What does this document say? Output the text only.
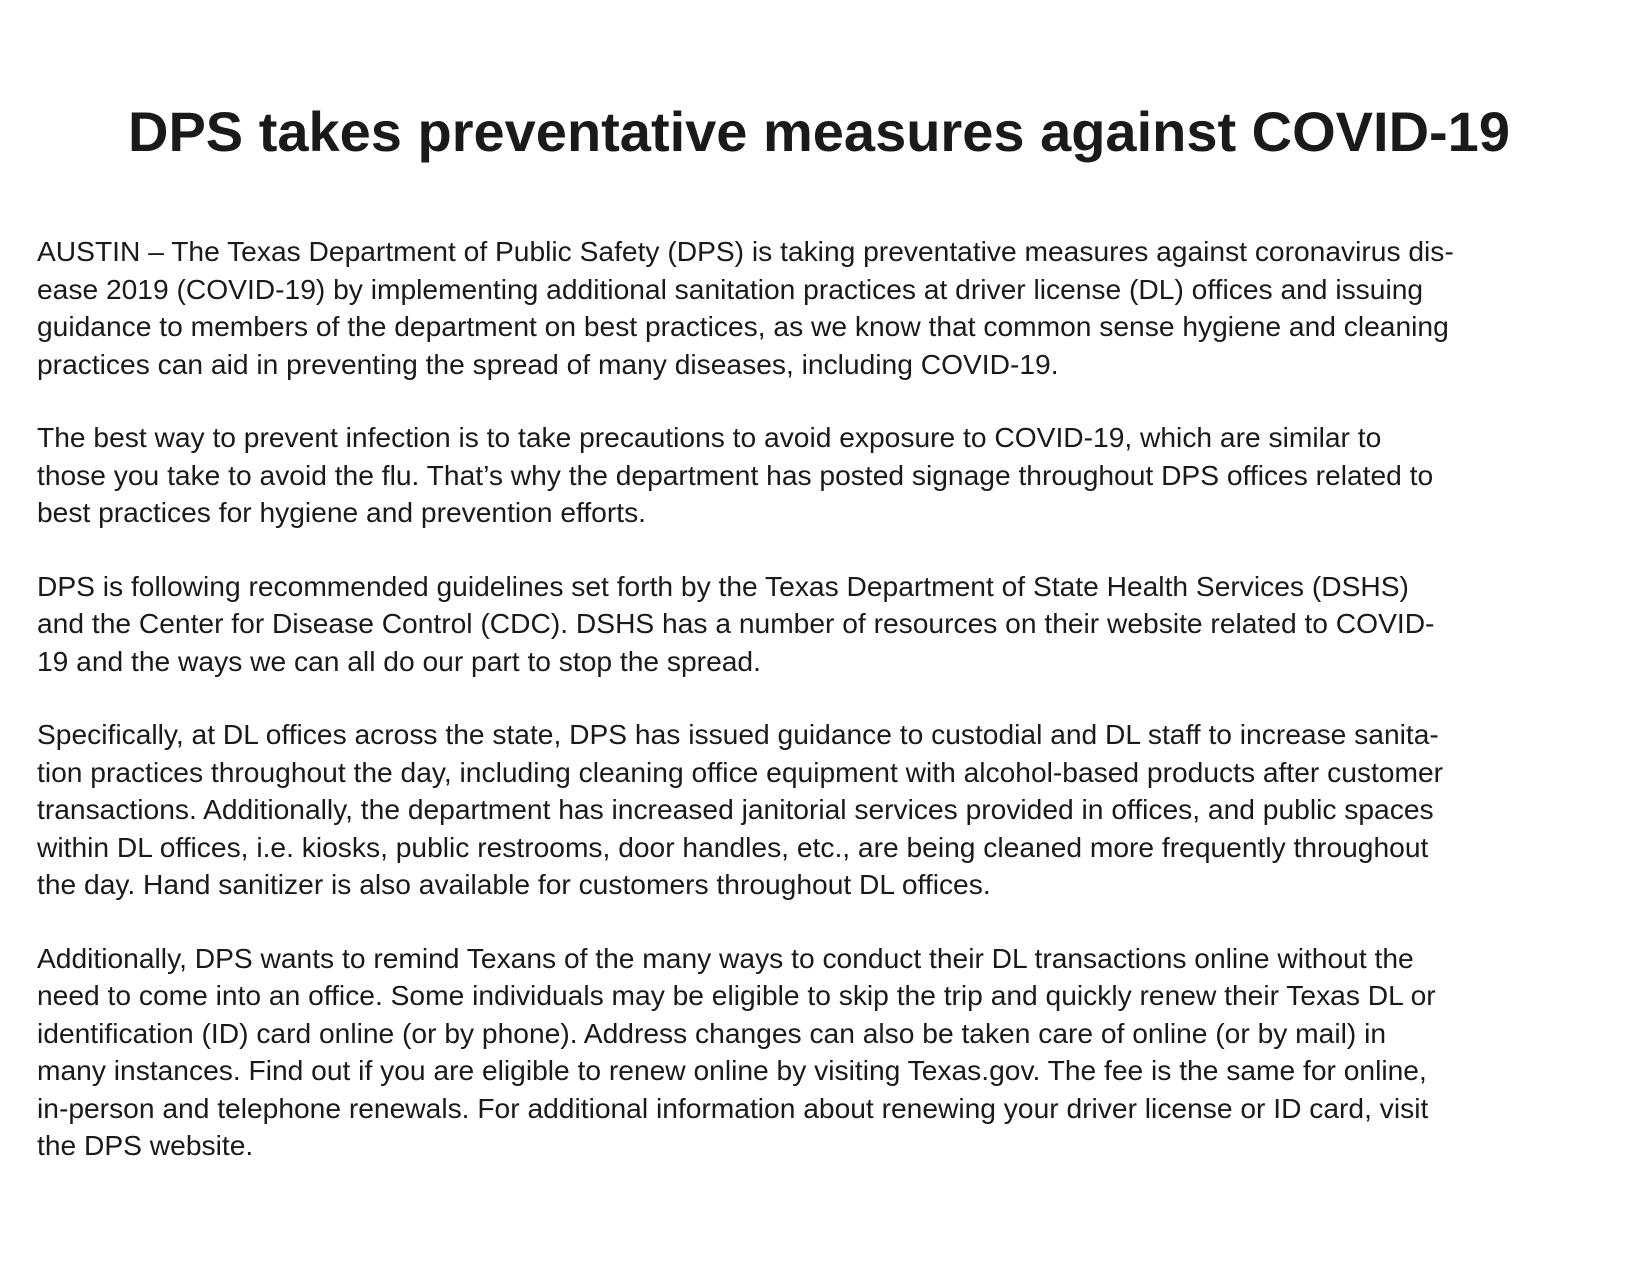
DPS takes preventative measures against COVID-19

AUSTIN – The Texas Department of Public Safety (DPS) is taking preventative measures against coronavirus dis-
ease 2019 (COVID-19) by implementing additional sanitation practices at driver license (DL) offices and issuing
guidance to members of the department on best practices, as we know that common sense hygiene and cleaning
practices can aid in preventing the spread of many diseases, including COVID-19.

The best way to prevent infection is to take precautions to avoid exposure to COVID-19, which are similar to
those you take to avoid the flu. That’s why the department has posted signage throughout DPS offices related to
best practices for hygiene and prevention efforts.

DPS is following recommended guidelines set forth by the Texas Department of State Health Services (DSHS)
and the Center for Disease Control (CDC). DSHS has a number of resources on their website related to COVID-
19 and the ways we can all do our part to stop the spread.

Specifically, at DL offices across the state, DPS has issued guidance to custodial and DL staff to increase sanita-
tion practices throughout the day, including cleaning office equipment with alcohol-based products after customer
transactions. Additionally, the department has increased janitorial services provided in offices, and public spaces
within DL offices, i.e. kiosks, public restrooms, door handles, etc., are being cleaned more frequently throughout
the day. Hand sanitizer is also available for customers throughout DL offices.

Additionally, DPS wants to remind Texans of the many ways to conduct their DL transactions online without the
need to come into an office. Some individuals may be eligible to skip the trip and quickly renew their Texas DL or
identification (ID) card online (or by phone). Address changes can also be taken care of online (or by mail) in
many instances. Find out if you are eligible to renew online by visiting Texas.gov. The fee is the same for online,
in-person and telephone renewals. For additional information about renewing your driver license or ID card, visit
the DPS website.
